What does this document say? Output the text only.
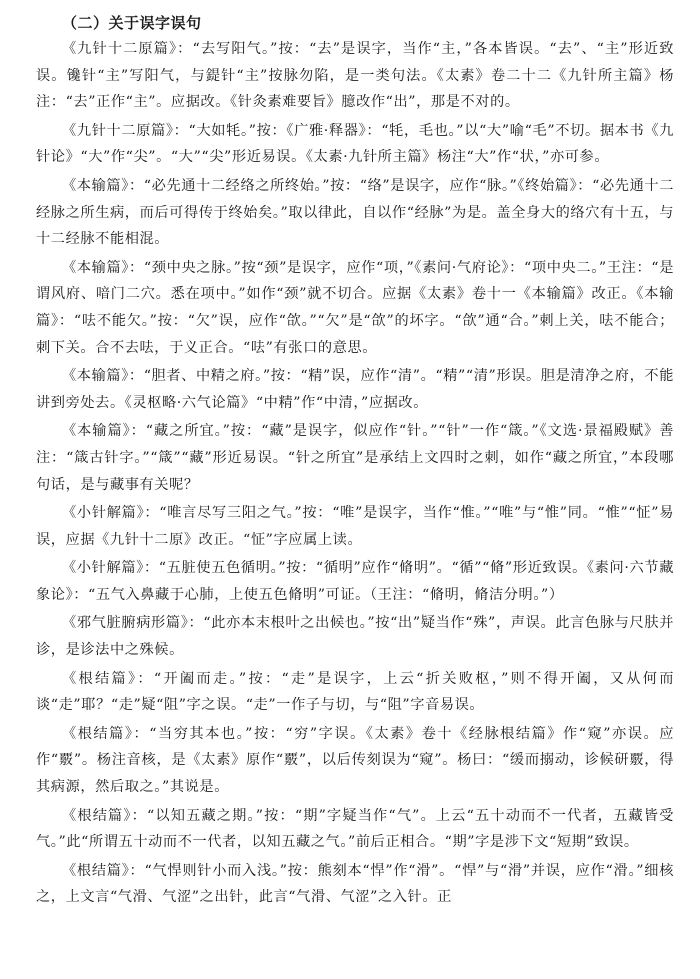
（二）关于误字误句

《九针十二原篇》：“去写阳气。”按：“去”是误字，当作“主，”各本皆误。“去”、“主”形近致误。镵针“主”写阳气，与鍉针“主”按脉勿陷，是一类句法。《太素》卷二十二《九针所主篇》杨注：“去”正作“主”。应据改。《针灸素难要旨》臆改作“出”，那是不对的。

《九针十二原篇》：“大如牦。”按：《广雅·释器》：“牦，毛也。”以“大”喻“毛”不切。据本书《九针论》“大”作“尖”。“大”“尖”形近易误。《太素·九针所主篇》杨注“大”作“状，”亦可参。

《本输篇》：“必先通十二经络之所终始。”按：“络”是误字，应作“脉。”《终始篇》：“必先通十二经脉之所生病，而后可得传于终始矣。”取以律此，自以作“经脉”为是。盖全身大的络穴有十五，与十二经脉不能相混。

《本输篇》：“颈中央之脉。”按“颈”是误字，应作“项，”《素问·气府论》：“项中央二。”王注：“是谓风府、喑门二穴。悉在项中。”如作“颈”就不切合。应据《太素》卷十一《本输篇》改正。《本输篇》：“呿不能欠。”按：“欠”误，应作“欱。”“欠”是“欱”的坏字。“欱”通“合。”刺上关，呿不能合；刺下关。合不去呿，于义正合。“呿”有张口的意思。

《本输篇》：“胆者、中精之府。”按：“精”误，应作“清”。“精”“清”形误。胆是清净之府，不能讲到旁处去。《灵枢略·六气论篇》“中精”作“中清，”应据改。

《本输篇》：“藏之所宜。”按：“藏”是误字，似应作“针。”“针”一作“箴。”《文选·景福殿赋》善注：“箴古针字。”“箴”“藏”形近易误。“针之所宜”是承结上文四时之刺，如作“藏之所宜，”本段哪句话，是与藏事有关呢？

《小针解篇》：“唯言尽写三阳之气。”按：“唯”是误字，当作“惟。”“唯”与“惟”同。“惟”“怔”易误，应据《九针十二原》改正。“怔”字应属上读。

《小针解篇》：“五脏使五色循明。”按：“循明”应作“脩明”。“循”“脩”形近致误。《素问·六节藏象论》：“五气入鼻藏于心肺，上使五色脩明”可证。（王注：“脩明，脩洁分明。”）

《邪气脏腑病形篇》：“此亦本末根叶之出候也。”按“出”疑当作“殊”，声误。此言色脉与尺肤并诊，是诊法中之殊候。

《根结篇》：“开阖而走。”按：“走”是误字，上云“折关败枢，”则不得开阖，又从何而谈“走”耶？“走”疑“阻”字之误。“走”一作子与切，与“阻”字音易误。

《根结篇》：“当穷其本也。”按：“穷”字误。《太素》卷十《经脉根结篇》作“窥”亦误。应作“覈”。杨注音核，是《太素》原作“覈”，以后传刻误为“窥”。杨曰：“缓而搦动，诊候研覈，得其病源，然后取之。”其说是。

《根结篇》：“以知五藏之期。”按：“期”字疑当作“气”。上云“五十动而不一代者，五藏皆受气。”此“所谓五十动而不一代者，以知五藏之气。”前后正相合。“期”字是涉下文“短期”致误。

《根结篇》：“气悍则针小而入浅。”按：熊刻本“悍”作“滑”。“悍”与“滑”并误，应作“滑。”细核之，上文言“气滑、气涩”之出针，此言“气滑、气涩”之入针。正
